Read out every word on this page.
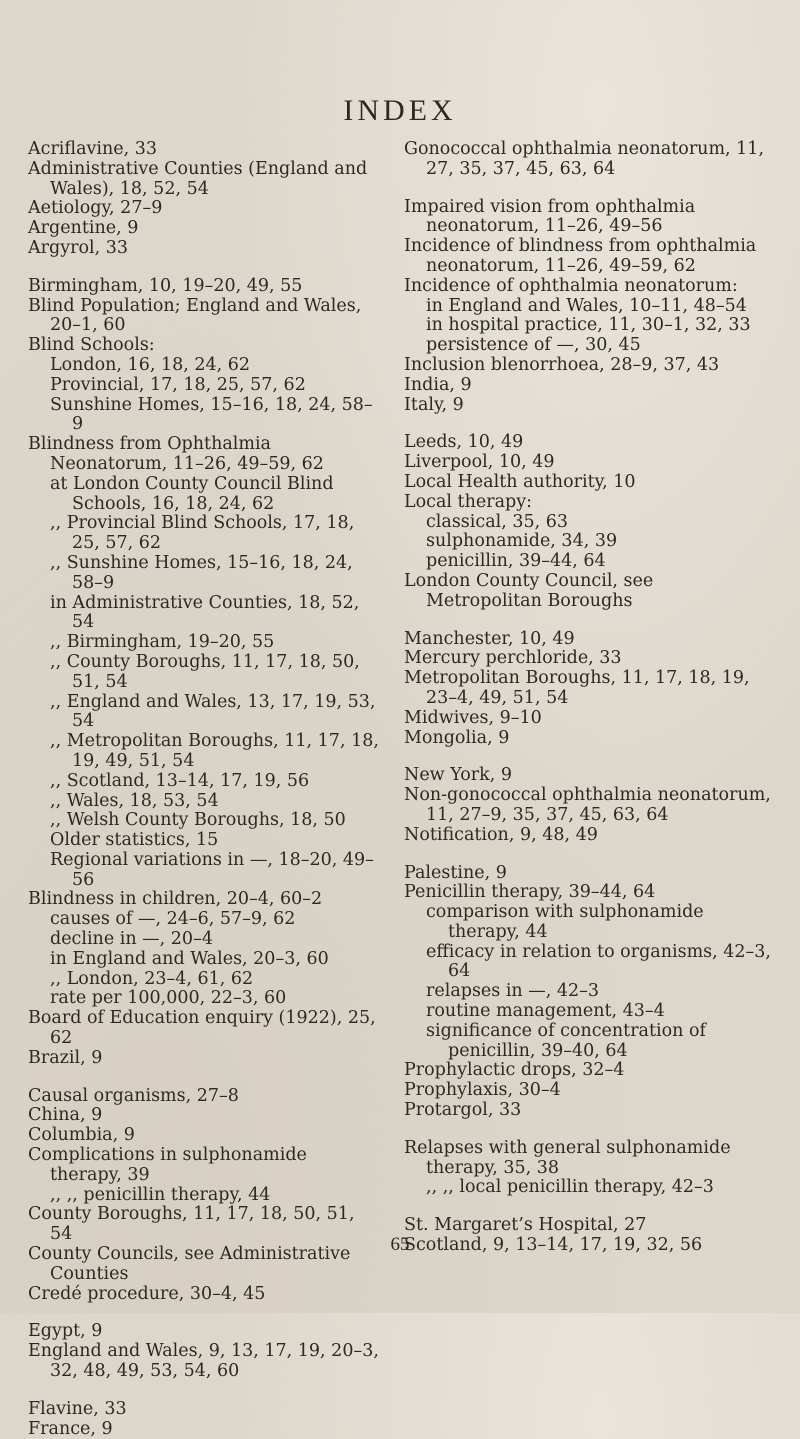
INDEX

Acriflavine, 33

Administrative Counties (England and Wales), 18, 52, 54

Aetiology, 27–9

Argentine, 9

Argyrol, 33

Birmingham, 10, 19–20, 49, 55

Blind Population; England and Wales, 20–1, 60

Blind Schools:

London, 16, 18, 24, 62

Provincial, 17, 18, 25, 57, 62

Sunshine Homes, 15–16, 18, 24, 58–9

Blindness from Ophthalmia Neonatorum, 11–26, 49–59, 62

at London County Council Blind Schools, 16, 18, 24, 62

,, Provincial Blind Schools, 17, 18, 25, 57, 62

,, Sunshine Homes, 15–16, 18, 24, 58–9

in Administrative Counties, 18, 52, 54

,, Birmingham, 19–20, 55

,, County Boroughs, 11, 17, 18, 50, 51, 54

,, England and Wales, 13, 17, 19, 53, 54

,, Metropolitan Boroughs, 11, 17, 18, 19, 49, 51, 54

,, Scotland, 13–14, 17, 19, 56

,, Wales, 18, 53, 54

,, Welsh County Boroughs, 18, 50

Older statistics, 15

Regional variations in —, 18–20, 49–56

Blindness in children, 20–4, 60–2

causes of —, 24–6, 57–9, 62

decline in —, 20–4

in England and Wales, 20–3, 60

,, London, 23–4, 61, 62

rate per 100,000, 22–3, 60

Board of Education enquiry (1922), 25, 62

Brazil, 9

Causal organisms, 27–8

China, 9

Columbia, 9

Complications in sulphonamide therapy, 39

,, ,, penicillin therapy, 44

County Boroughs, 11, 17, 18, 50, 51, 54

County Councils, see Administrative Counties

Credé procedure, 30–4, 45

Egypt, 9

England and Wales, 9, 13, 17, 19, 20–3, 32, 48, 49, 53, 54, 60

Flavine, 33

France, 9

Gonococcal ophthalmia neonatorum, 11, 27, 35, 37, 45, 63, 64

Impaired vision from ophthalmia neonatorum, 11–26, 49–56

Incidence of blindness from ophthalmia neonatorum, 11–26, 49–59, 62

Incidence of ophthalmia neonatorum:

in England and Wales, 10–11, 48–54

in hospital practice, 11, 30–1, 32, 33

persistence of —, 30, 45

Inclusion blenorrhoea, 28–9, 37, 43

India, 9

Italy, 9

Leeds, 10, 49

Liverpool, 10, 49

Local Health authority, 10

Local therapy:

classical, 35, 63

sulphonamide, 34, 39

penicillin, 39–44, 64

London County Council, see Metropolitan Boroughs

Manchester, 10, 49

Mercury perchloride, 33

Metropolitan Boroughs, 11, 17, 18, 19, 23–4, 49, 51, 54

Midwives, 9–10

Mongolia, 9

New York, 9

Non-gonococcal ophthalmia neonatorum, 11, 27–9, 35, 37, 45, 63, 64

Notification, 9, 48, 49

Palestine, 9

Penicillin therapy, 39–44, 64

comparison with sulphonamide therapy, 44

efficacy in relation to organisms, 42–3, 64

relapses in —, 42–3

routine management, 43–4

significance of concentration of penicillin, 39–40, 64

Prophylactic drops, 32–4

Prophylaxis, 30–4

Protargol, 33

Relapses with general sulphonamide therapy, 35, 38

,, ,, local penicillin therapy, 42–3

St. Margaret’s Hospital, 27

Scotland, 9, 13–14, 17, 19, 32, 56

65
